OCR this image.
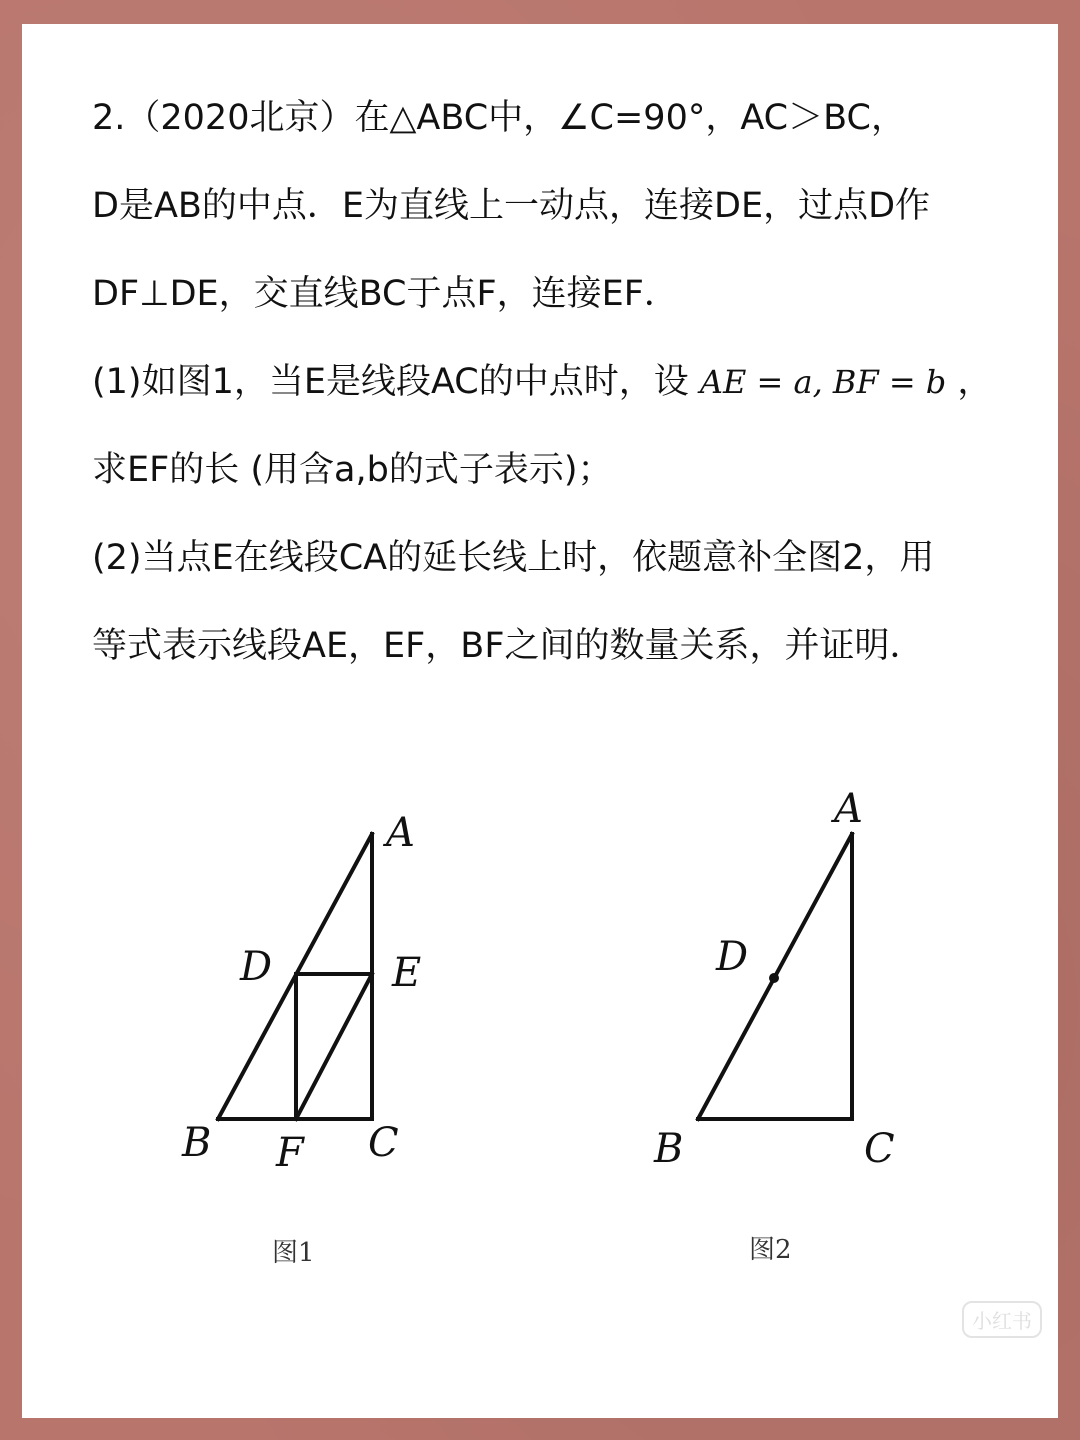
2.（2020北京）在△ABC中，∠C=90°，AC＞BC，
D是AB的中点．E为直线上一动点，连接DE，过点D作
DF⊥DE，交直线BC于点F，连接EF．
(1)如图1，当E是线段AC的中点时，设 AE = a, BF = b ，
求EF的长 (用含a,b的式子表示)；
(2)当点E在线段CA的延长线上时，依题意补全图2，用
等式表示线段AE，EF，BF之间的数量关系，并证明．
A
D	E
B F C
图1
A
D
B	C
图2
小红书
小红书 知乎 @娉爷
